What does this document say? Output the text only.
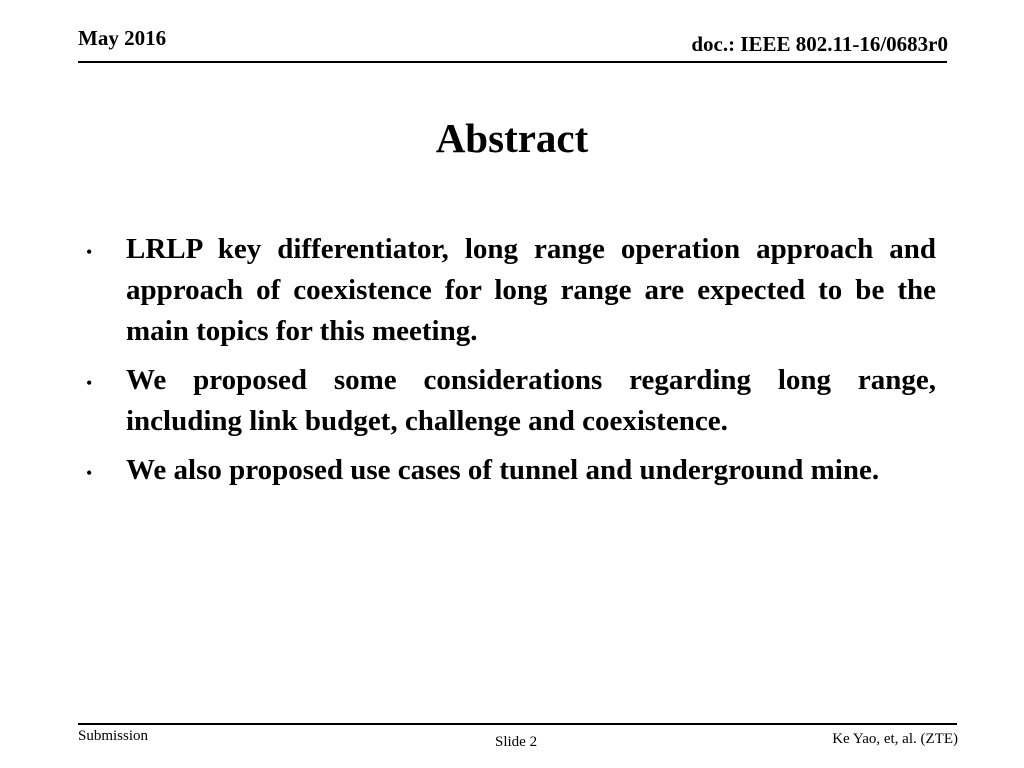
May 2016	doc.: IEEE 802.11-16/0683r0
Abstract
• LRLP key differentiator, long range operation approach and approach of coexistence for long range are expected to be the main topics for this meeting.
• We proposed some considerations regarding long range, including link budget, challenge and coexistence.
• We also proposed use cases of tunnel and underground mine.
Submission	Slide 2	Ke Yao, et, al. (ZTE)
